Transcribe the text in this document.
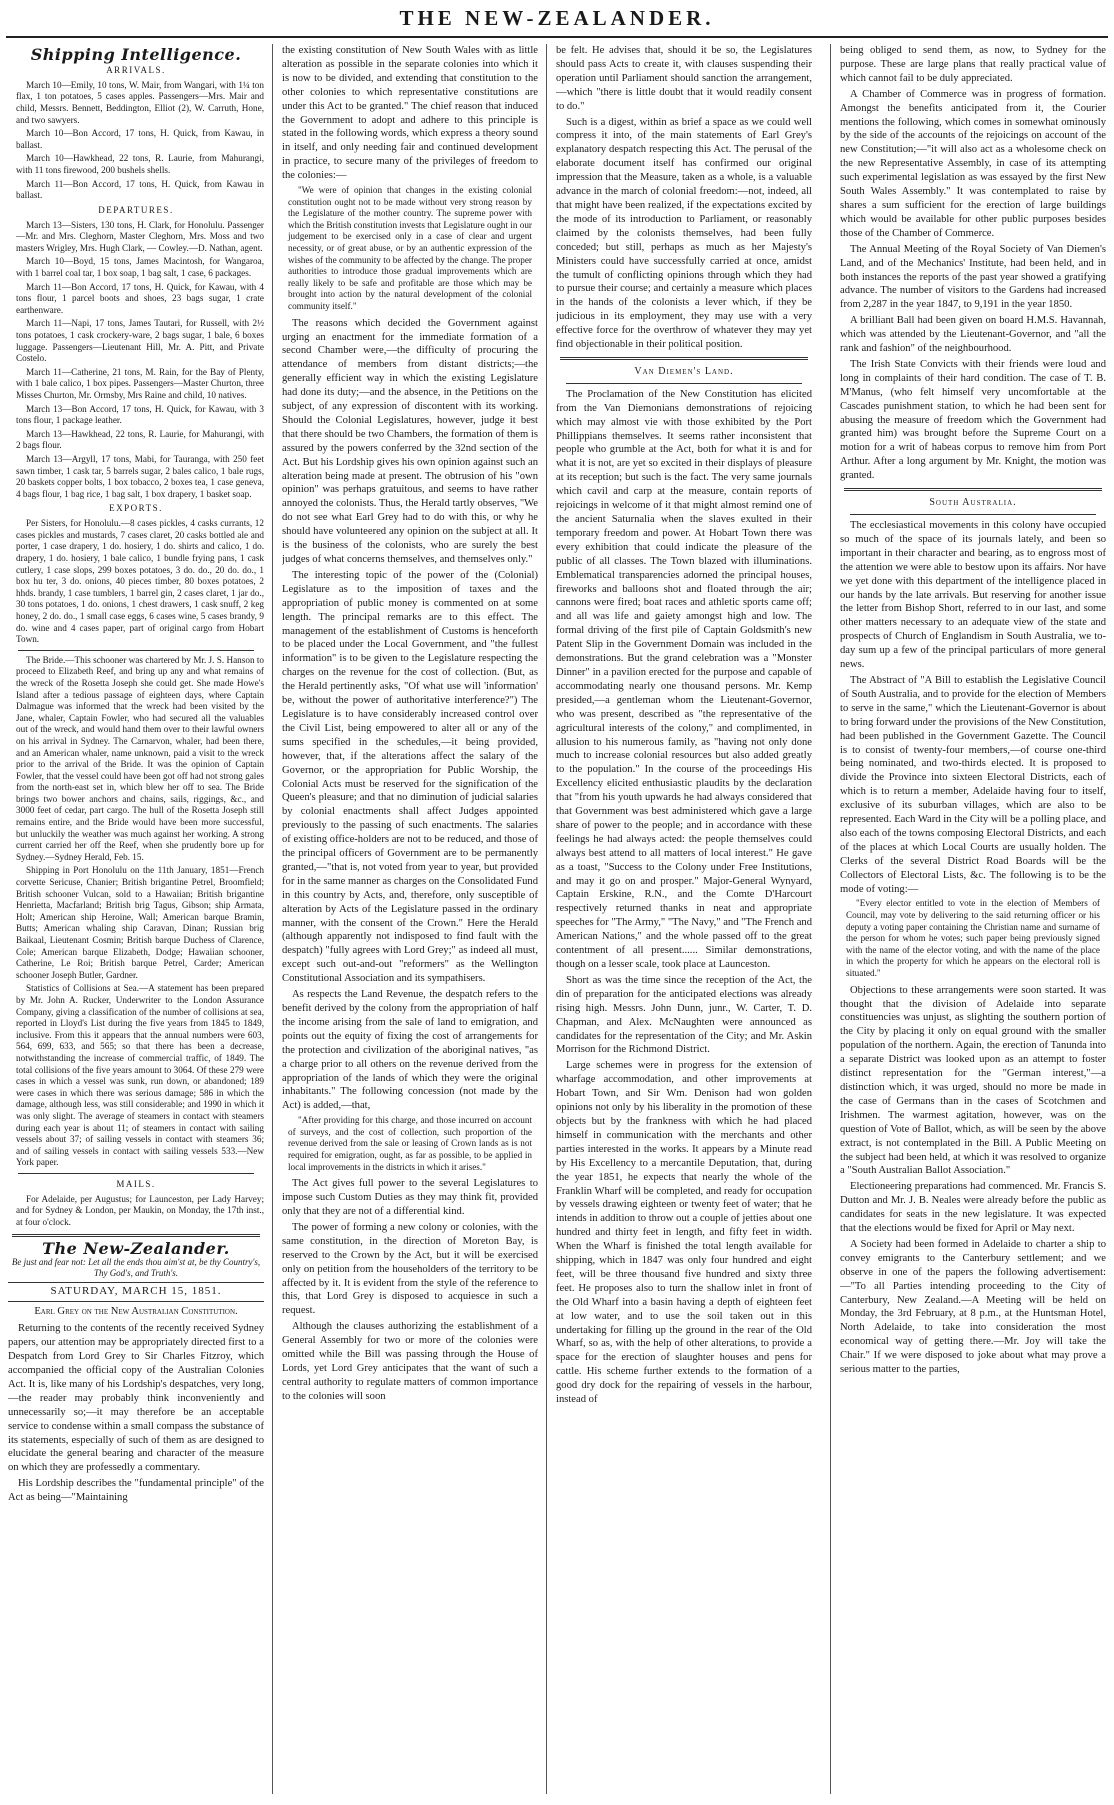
THE NEW-ZEALANDER.
Shipping Intelligence.
ARRIVALS.

March 10—Emily, 10 tons, W. Mair, from Wangari, with 1¼ ton flax, 1 ton potatoes, 5 cases apples. Passengers—Mrs. Mair and child, Messrs. Bennett, Beddington, Elliot (2), W. Carruth, Hone, and two sawyers.

March 10—Bon Accord, 17 tons, H. Quick, from Kawau, in ballast.

March 10—Hawkhead, 22 tons, R. Laurie, from Mahurangi, with 11 tons firewood, 200 bushels shells.

March 11—Bon Accord, 17 tons, H. Quick, from Kawau in ballast.

DEPARTURES.

March 13—Sisters, 130 tons, H. Clark, for Honolulu. Passenger—Mr. and Mrs. Cleghorn, Master Cleghorn, Mrs. Moss and two masters Wrigley, Mrs. Hugh Clark, — Cowley.—D. Nathan, agent.

March 10—Boyd, 15 tons, James Macintosh, for Wangaroa, with 1 barrel coal tar, 1 box soap, 1 bag salt, 1 case, 6 packages.

March 11—Bon Accord, 17 tons, H. Quick, for Kawau, with 4 tons flour, 1 parcel boots and shoes, 23 bags sugar, 1 crate earthenware.

March 11—Napi, 17 tons, James Tautari, for Russell, with 2½ tons potatoes, 1 cask crockery-ware, 2 bags sugar, 1 bale, 6 boxes luggage. Passengers—Lieutenant Hill, Mr. A. Pitt, and Private Costelo.

March 11—Catherine, 21 tons, M. Rain, for the Bay of Plenty, with 1 bale calico, 1 box pipes. Passengers—Master Churton, three Misses Churton, Mr. Ormsby, Mrs Raine and child, 10 natives.

March 13—Bon Accord, 17 tons, H. Quick, for Kawau, with 3 tons flour, 1 package leather.

March 13—Hawkhead, 22 tons, R. Laurie, for Mahurangi, with 2 bags flour.

March 13—Argyll, 17 tons, Mabi, for Tauranga, with 250 feet sawn timber, 1 cask tar, 5 barrels sugar, 2 bales calico, 1 bale rugs, 20 baskets copper bolts, 1 box tobacco, 2 boxes tea, 1 case geneva, 4 bags flour, 1 bag rice, 1 bag salt, 1 box drapery, 1 basket soap.

EXPORTS.

Per Sisters, for Honolulu.—8 cases pickles, 4 casks currants, 12 cases pickles and mustards, 7 cases claret, 20 casks bottled ale and porter, 1 case drapery, 1 do. hosiery, 1 do. shirts and calico, 1 do. drapery, 1 do. hosiery, 1 bale calico, 1 bundle frying pans, 1 cask cutlery, 1 case slops, 299 boxes potatoes, 3 do. do., 20 do. do., 1 box hu ter, 3 do. onions, 40 pieces timber, 80 boxes potatoes, 2 hhds. brandy, 1 case tumblers, 1 barrel gin, 2 cases claret, 1 jar do., 30 tons potatoes, 1 do. onions, 1 chest drawers, 1 cask snuff, 2 keg honey, 2 do. do., 1 small case eggs, 6 cases wine, 5 cases brandy, 9 do. wine and 4 cases paper, part of original cargo from Hobart Town.

The Bride.—This schooner was chartered by Mr. J. S. Hanson to proceed to Elizabeth Reef, and bring up any and what remains of the wreck of the Rosetta Joseph she could get. She made Howe's Island after a tedious passage of eighteen days, where Captain Dalmague was informed that the wreck had been visited by the Jane, whaler, Captain Fowler, who had secured all the valuables out of the wreck, and would hand them over to their lawful owners on his arrival in Sydney. The Carnarvon, whaler, had been there, and an American whaler, name unknown, paid a visit to the wreck prior to the arrival of the Bride. It was the opinion of Captain Fowler, that the vessel could have been got off had not strong gales from the north-east set in, which blew her off to sea. The Bride brings two bower anchors and chains, sails, riggings, &c., and 3000 feet of cedar, part cargo. The hull of the Rosetta Joseph still remains entire, and the Bride would have been more successful, but unluckily the weather was much against her working. A strong current carried her off the Reef, when she prudently bore up for Sydney.—Sydney Herald, Feb. 15.

Shipping in Port Honolulu on the 11th January, 1851—French corvette Sericuse, Chanier; British brigantine Petrel, Broomfield; British schooner Vulcan, sold to a Hawaiian; British brigantine Henrietta, Macfarland; British brig Tagus, Gibson; ship Armata, Holt; American ship Heroine, Wall; American barque Bramin, Butts; American whaling ship Caravan, Dinan; Russian brig Baikaal, Lieutenant Cosmin; British barque Duchess of Clarence, Cole; American barque Elizabeth, Dodge; Hawaiian schooner, Catherine, Le Roi; British barque Petrel, Carder; American schooner Joseph Butler, Gardner.

Statistics of Collisions at Sea.—A statement has been prepared by Mr. John A. Rucker, Underwriter to the London Assurance Company, giving a classification of the number of collisions at sea, reported in Lloyd's List during the five years from 1845 to 1849, inclusive. From this it appears that the annual numbers were 603, 564, 699, 633, and 565; so that there has been a decrease, notwithstanding the increase of commercial traffic, of 1849. The total collisions of the five years amount to 3064. Of these 279 were cases in which a vessel was sunk, run down, or abandoned; 189 were cases in which there was serious damage; 586 in which the damage, although less, was still considerable; and 1990 in which it was only slight. The average of steamers in contact with steamers during each year is about 11; of steamers in contact with sailing vessels about 37; of sailing vessels in contact with steamers 36; and of sailing vessels in contact with sailing vessels 533.—New York paper.

MAILS.

For Adelaide, per Augustus; for Launceston, per Lady Harvey; and for Sydney & London, per Maukin, on Monday, the 17th inst., at four o'clock.

The New-Zealander.
Be just and fear not: Let all the ends thou aim'st at, be thy Country's, Thy God's, and Truth's.
SATURDAY, MARCH 15, 1851.
Earl Grey on the New Australian Constitution.

Returning to the contents of the recently received Sydney papers, our attention may be appropriately directed first to a Despatch from Lord Grey to Sir Charles Fitzroy, which accompanied the official copy of the Australian Colonies Act. It is, like many of his Lordship's despatches, very long,—the reader may probably think inconveniently and unnecessarily so;—it may therefore be an acceptable service to condense within a small compass the substance of its statements, especially of such of them as are designed to elucidate the general bearing and character of the measure on which they are professedly a commentary.

His Lordship describes the "fundamental principle" of the Act as being—"Maintaining

the existing constitution of New South Wales with as little alteration as possible in the separate colonies into which it is now to be divided, and extending that constitution to the other colonies to which representative constitutions are under this Act to be granted." The chief reason that induced the Government to adopt and adhere to this principle is stated in the following words, which express a theory sound in itself, and only needing fair and continued development in practice, to secure many of the privileges of freedom to the colonies:—

"We were of opinion that changes in the existing colonial constitution ought not to be made without very strong reason by the Legislature of the mother country. The supreme power with which the British constitution invests that Legislature ought in our judgement to be exercised only in a case of clear and urgent necessity, or of great abuse, or by an authentic expression of the wishes of the community to be affected by the change. The proper authorities to introduce those gradual improvements which are really likely to be safe and profitable are those which may be brought into action by the natural development of the colonial community itself."

The reasons which decided the Government against urging an enactment for the immediate formation of a second Chamber were,—the difficulty of procuring the attendance of members from distant districts;—the generally efficient way in which the existing Legislature had done its duty;—and the absence, in the Petitions on the subject, of any expression of discontent with its working. Should the Colonial Legislatures, however, judge it best that there should be two Chambers, the formation of them is assured by the powers conferred by the 32nd section of the Act. But his Lordship gives his own opinion against such an alteration being made at present. The obtrusion of his "own opinion" was perhaps gratuitous, and seems to have rather annoyed the colonists. Thus, the Herald tartly observes, "We do not see what Earl Grey had to do with this, or why he should have volunteered any opinion on the subject at all. It is the business of the colonists, who are surely the best judges of what concerns themselves, and themselves only."

The interesting topic of the power of the (Colonial) Legislature as to the imposition of taxes and the appropriation of public money is commented on at some length. The principal remarks are to this effect. The management of the establishment of Customs is henceforth to be placed under the Local Government, and "the fullest information" is to be given to the Legislature respecting the charges on the revenue for the cost of collection. (But, as the Herald pertinently asks, "Of what use will 'information' be, without the power of authoritative interference?") The Legislature is to have considerably increased control over the Civil List, being empowered to alter all or any of the sums specified in the schedules,—it being provided, however, that, if the alterations affect the salary of the Governor, or the appropriation for Public Worship, the Colonial Acts must be reserved for the signification of the Queen's pleasure; and that no diminution of judicial salaries by colonial enactments shall affect Judges appointed previously to the passing of such enactments. The salaries of existing office-holders are not to be reduced, and those of the principal officers of Government are to be permanently granted,—"that is, not voted from year to year, but provided for in the same manner as charges on the Consolidated Fund in this country by Acts, and, therefore, only susceptible of alteration by Acts of the Legislature passed in the ordinary manner, with the consent of the Crown." Here the Herald (although apparently not indisposed to find fault with the despatch) "fully agrees with Lord Grey;" as indeed all must, except such out-and-out "reformers" as the Wellington Constitutional Association and its sympathisers.

As respects the Land Revenue, the despatch refers to the benefit derived by the colony from the appropriation of half the income arising from the sale of land to emigration, and points out the equity of fixing the cost of arrangements for the protection and civilization of the aboriginal natives, "as a charge prior to all others on the revenue derived from the appropriation of the lands of which they were the original inhabitants." The following concession (not made by the Act) is added,—that,

"After providing for this charge, and those incurred on account of surveys, and the cost of collection, such proportion of the revenue derived from the sale or leasing of Crown lands as is not required for emigration, ought, as far as possible, to be applied in local improvements in the districts in which it arises."

The Act gives full power to the several Legislatures to impose such Custom Duties as they may think fit, provided only that they are not of a differential kind.

The power of forming a new colony or colonies, with the same constitution, in the direction of Moreton Bay, is reserved to the Crown by the Act, but it will be exercised only on petition from the householders of the territory to be affected by it. It is evident from the style of the reference to this, that Lord Grey is disposed to acquiesce in such a request.

Although the clauses authorizing the establishment of a General Assembly for two or more of the colonies were omitted while the Bill was passing through the House of Lords, yet Lord Grey anticipates that the want of such a central authority to regulate matters of common importance to the colonies will soon

be felt. He advises that, should it be so, the Legislatures should pass Acts to create it, with clauses suspending their operation until Parliament should sanction the arrangement,—which "there is little doubt that it would readily consent to do."

Such is a digest, within as brief a space as we could well compress it into, of the main statements of Earl Grey's explanatory despatch respecting this Act. The perusal of the elaborate document itself has confirmed our original impression that the Measure, taken as a whole, is a valuable advance in the march of colonial freedom:—not, indeed, all that might have been realized, if the expectations excited by the mode of its introduction to Parliament, or reasonably claimed by the colonists themselves, had been fully conceded; but still, perhaps as much as her Majesty's Ministers could have successfully carried at once, amidst the tumult of conflicting opinions through which they had to pursue their course; and certainly a measure which places in the hands of the colonists a lever which, if they be judicious in its employment, they may use with a very effective force for the overthrow of whatever they may yet find objectionable in their political position.

Van Diemen's Land.

The Proclamation of the New Constitution has elicited from the Van Diemonians demonstrations of rejoicing which may almost vie with those exhibited by the Port Phillippians themselves. It seems rather inconsistent that people who grumble at the Act, both for what it is and for what it is not, are yet so excited in their displays of pleasure at its reception; but such is the fact. The very same journals which cavil and carp at the measure, contain reports of rejoicings in welcome of it that might almost remind one of the ancient Saturnalia when the slaves exulted in their temporary freedom and power. At Hobart Town there was every exhibition that could indicate the pleasure of the public of all classes. The Town blazed with illuminations. Emblematical transparencies adorned the principal houses, fireworks and balloons shot and floated through the air; cannons were fired; boat races and athletic sports came off; and all was life and gaiety amongst high and low. The formal driving of the first pile of Captain Goldsmith's new Patent Slip in the Government Domain was included in the demonstrations. But the grand celebration was a "Monster Dinner" in a pavilion erected for the purpose and capable of accommodating nearly one thousand persons. Mr. Kemp presided,—a gentleman whom the Lieutenant-Governor, who was present, described as "the representative of the agricultural interests of the colony," and complimented, in allusion to his numerous family, as "having not only done much to increase colonial resources but also added greatly to the population." In the course of the proceedings His Excellency elicited enthusiastic plaudits by the declaration that "from his youth upwards he had always considered that that Government was best administered which gave a large share of power to the people; and in accordance with these feelings he had always acted: the people themselves could always best attend to all matters of local interest." He gave as a toast, "Success to the Colony under Free Institutions, and may it go on and prosper." Major-General Wynyard, Captain Erskine, R.N., and the Comte D'Harcourt respectively returned thanks in neat and appropriate speeches for "The Army," "The Navy," and "The French and American Nations," and the whole passed off to the great contentment of all present...... Similar demonstrations, though on a lesser scale, took place at Launceston.

Short as was the time since the reception of the Act, the din of preparation for the anticipated elections was already rising high. Messrs. John Dunn, junr., W. Carter, T. D. Chapman, and Alex. McNaughten were announced as candidates for the representation of the City; and Mr. Askin Morrison for the Richmond District.

Large schemes were in progress for the extension of wharfage accommodation, and other improvements at Hobart Town, and Sir Wm. Denison had won golden opinions not only by his liberality in the promotion of these objects but by the frankness with which he had placed himself in communication with the merchants and other parties interested in the works. It appears by a Minute read by His Excellency to a mercantile Deputation, that, during the year 1851, he expects that nearly the whole of the Franklin Wharf will be completed, and ready for occupation by vessels drawing eighteen or twenty feet of water; that he intends in addition to throw out a couple of jetties about one hundred and thirty feet in length, and fifty feet in width. When the Wharf is finished the total length available for shipping, which in 1847 was only four hundred and eight feet, will be three thousand five hundred and sixty three feet. He proposes also to turn the shallow inlet in front of the Old Wharf into a basin having a depth of eighteen feet at low water, and to use the soil taken out in this undertaking for filling up the ground in the rear of the Old Wharf, so as, with the help of other alterations, to provide a space for the erection of slaughter houses and pens for cattle. His scheme further extends to the formation of a good dry dock for the repairing of vessels in the harbour, instead of

being obliged to send them, as now, to Sydney for the purpose. These are large plans that really practical value of which cannot fail to be duly appreciated.

A Chamber of Commerce was in progress of formation. Amongst the benefits anticipated from it, the Courier mentions the following, which comes in somewhat ominously by the side of the accounts of the rejoicings on account of the new Constitution;—"it will also act as a wholesome check on the new Representative Assembly, in case of its attempting such experimental legislation as was essayed by the first New South Wales Assembly." It was contemplated to raise by shares a sum sufficient for the erection of large buildings which would be available for other public purposes besides those of the Chamber of Commerce.

The Annual Meeting of the Royal Society of Van Diemen's Land, and of the Mechanics' Institute, had been held, and in both instances the reports of the past year showed a gratifying advance. The number of visitors to the Gardens had increased from 2,287 in the year 1847, to 9,191 in the year 1850.

A brilliant Ball had been given on board H.M.S. Havannah, which was attended by the Lieutenant-Governor, and "all the rank and fashion" of the neighbourhood.

The Irish State Convicts with their friends were loud and long in complaints of their hard condition. The case of T. B. M'Manus, (who felt himself very uncomfortable at the Cascades punishment station, to which he had been sent for abusing the measure of freedom which the Government had granted him) was brought before the Supreme Court on a motion for a writ of habeas corpus to remove him from Port Arthur. After a long argument by Mr. Knight, the motion was granted.

South Australia.

The ecclesiastical movements in this colony have occupied so much of the space of its journals lately, and been so important in their character and bearing, as to engross most of the attention we were able to bestow upon its affairs. Nor have we yet done with this department of the intelligence placed in our hands by the late arrivals. But reserving for another issue the letter from Bishop Short, referred to in our last, and some other matters necessary to an adequate view of the state and prospects of Church of Englandism in South Australia, we to-day sum up a few of the principal particulars of more general news.

The Abstract of "A Bill to establish the Legislative Council of South Australia, and to provide for the election of Members to serve in the same," which the Lieutenant-Governor is about to bring forward under the provisions of the New Constitution, had been published in the Government Gazette. The Council is to consist of twenty-four members,—of course one-third being nominated, and two-thirds elected. It is proposed to divide the Province into sixteen Electoral Districts, each of which is to return a member, Adelaide having four to itself, exclusive of its suburban villages, which are also to be represented. Each Ward in the City will be a polling place, and also each of the towns composing Electoral Districts, and each of the places at which Local Courts are usually holden. The Clerks of the several District Road Boards will be the Collectors of Electoral Lists, &c. The following is to be the mode of voting:—

"Every elector entitled to vote in the election of Members of Council, may vote by delivering to the said returning officer or his deputy a voting paper containing the Christian name and surname of the person for whom he votes; such paper being previously signed with the name of the elector voting, and with the name of the place in which the property for which he appears on the electoral roll is situated."

Objections to these arrangements were soon started. It was thought that the division of Adelaide into separate constituencies was unjust, as slighting the southern portion of the City by placing it only on equal ground with the smaller population of the northern. Again, the erection of Tanunda into a separate District was looked upon as an attempt to foster distinct representation for the "German interest,"—a distinction which, it was urged, should no more be made in the case of Germans than in the cases of Scotchmen and Irishmen. The warmest agitation, however, was on the question of Vote of Ballot, which, as will be seen by the above extract, is not contemplated in the Bill. A Public Meeting on the subject had been held, at which it was resolved to organize a "South Australian Ballot Association."

Electioneering preparations had commenced. Mr. Francis S. Dutton and Mr. J. B. Neales were already before the public as candidates for seats in the new legislature. It was expected that the elections would be fixed for April or May next.

A Society had been formed in Adelaide to charter a ship to convey emigrants to the Canterbury settlement; and we observe in one of the papers the following advertisement:—"To all Parties intending proceeding to the City of Canterbury, New Zealand.—A Meeting will be held on Monday, the 3rd February, at 8 p.m., at the Huntsman Hotel, North Adelaide, to take into consideration the most economical way of getting there.—Mr. Joy will take the Chair." If we were disposed to joke about what may prove a serious matter to the parties,
